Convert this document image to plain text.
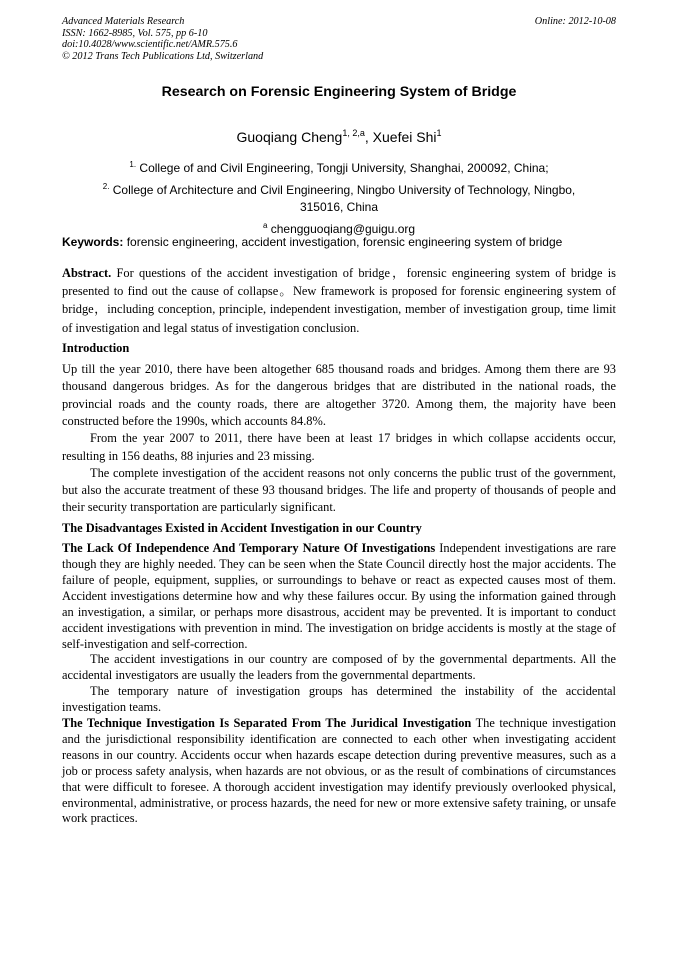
Advanced Materials Research
ISSN: 1662-8985, Vol. 575, pp 6-10
doi:10.4028/www.scientific.net/AMR.575.6
© 2012 Trans Tech Publications Ltd, Switzerland
Online: 2012-10-08
Research on Forensic Engineering System of Bridge
Guoqiang Cheng$^{1, 2,a}$, Xuefei Shi$^1$
$^{1.}$ College of and Civil Engineering, Tongji University, Shanghai, 200092, China;
$^{2.}$ College of Architecture and Civil Engineering, Ningbo University of Technology, Ningbo,
315016, China
$^a$ chengguoqiang@guigu.org
Keywords: forensic engineering, accident investigation, forensic engineering system of bridge

Abstract. For questions of the accident investigation of bridge，forensic engineering system of bridge is presented to find out the cause of collapse。New framework is proposed for forensic engineering system of bridge，including conception, principle, independent investigation, member of investigation group, time limit of investigation and legal status of investigation conclusion.

Introduction

Up till the year 2010, there have been altogether 685 thousand roads and bridges. Among them there are 93 thousand dangerous bridges. As for the dangerous bridges that are distributed in the national roads, the provincial roads and the county roads, there are altogether 3720. Among them, the majority have been constructed before the 1990s, which accounts 84.8%.

From the year 2007 to 2011, there have been at least 17 bridges in which collapse accidents occur, resulting in 156 deaths, 88 injuries and 23 missing.

The complete investigation of the accident reasons not only concerns the public trust of the government, but also the accurate treatment of these 93 thousand bridges. The life and property of thousands of people and their security transportation are particularly significant.

The Disadvantages Existed in Accident Investigation in our Country

The Lack Of Independence And Temporary Nature Of Investigations Independent investigations are rare though they are highly needed. They can be seen when the State Council directly host the major accidents. The failure of people, equipment, supplies, or surroundings to behave or react as expected causes most of them. Accident investigations determine how and why these failures occur. By using the information gained through an investigation, a similar, or perhaps more disastrous, accident may be prevented. It is important to conduct accident investigations with prevention in mind. The investigation on bridge accidents is mostly at the stage of self-investigation and self-correction.

The accident investigations in our country are composed of by the governmental departments. All the accidental investigators are usually the leaders from the governmental departments.

The temporary nature of investigation groups has determined the instability of the accidental investigation teams.

The Technique Investigation Is Separated From The Juridical Investigation The technique investigation and the jurisdictional responsibility identification are connected to each other when investigating accident reasons in our country. Accidents occur when hazards escape detection during preventive measures, such as a job or process safety analysis, when hazards are not obvious, or as the result of combinations of circumstances that were difficult to foresee. A thorough accident investigation may identify previously overlooked physical, environmental, administrative, or process hazards, the need for new or more extensive safety training, or unsafe work practices.
